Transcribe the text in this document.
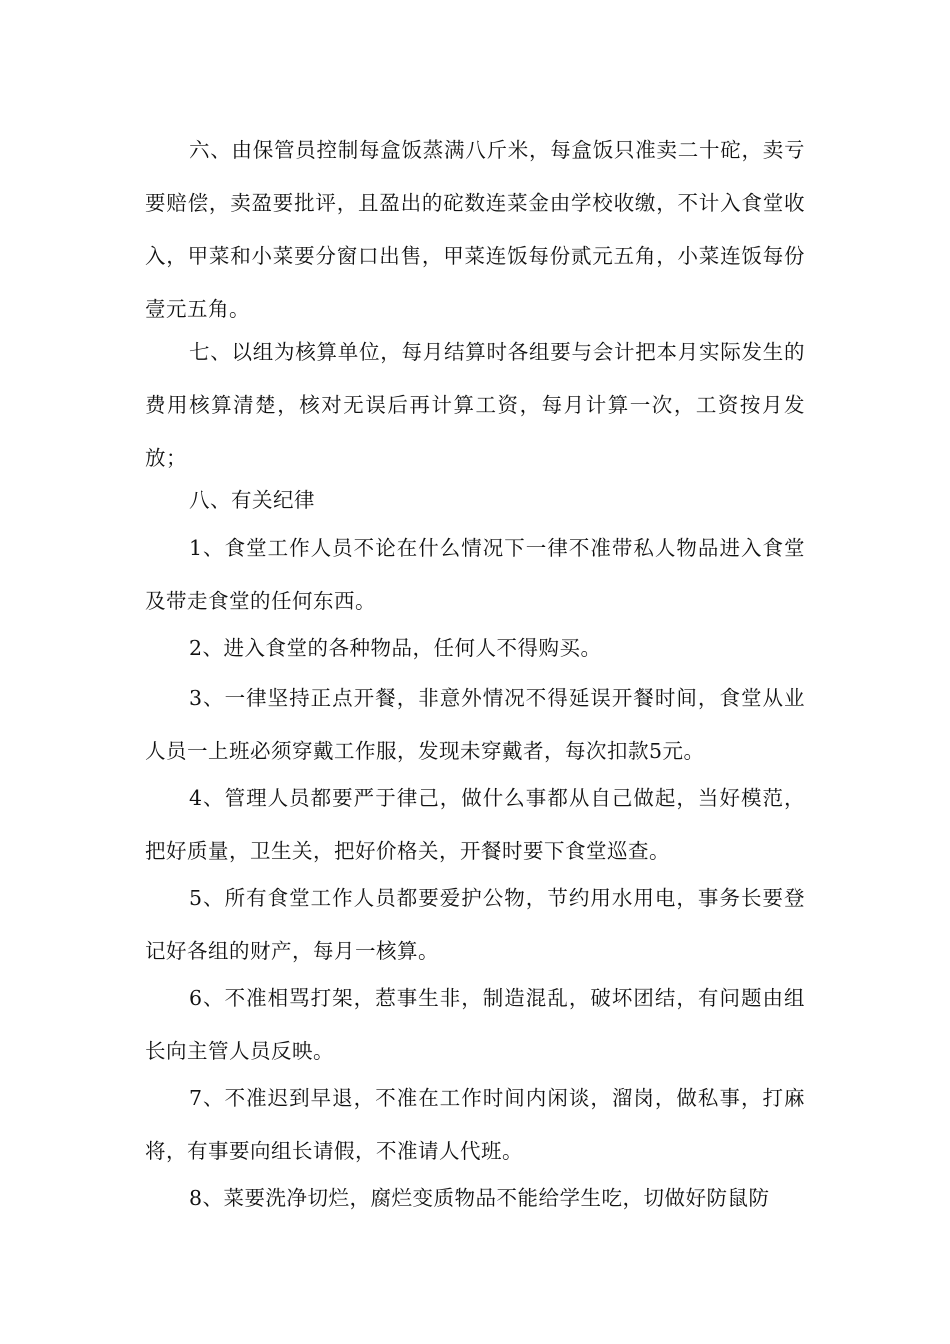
六、由保管员控制每盒饭蒸满八斤米，每盒饭只准卖二十砣，卖亏要赔偿，卖盈要批评，且盈出的砣数连菜金由学校收缴，不计入食堂收入，甲菜和小菜要分窗口出售，甲菜连饭每份贰元五角，小菜连饭每份壹元五角。

七、以组为核算单位，每月结算时各组要与会计把本月实际发生的费用核算清楚，核对无误后再计算工资，每月计算一次，工资按月发放；

八、有关纪律

1、食堂工作人员不论在什么情况下一律不准带私人物品进入食堂及带走食堂的任何东西。

2、进入食堂的各种物品，任何人不得购买。

3、一律坚持正点开餐，非意外情况不得延误开餐时间，食堂从业人员一上班必须穿戴工作服，发现未穿戴者，每次扣款5元。

4、管理人员都要严于律己，做什么事都从自己做起，当好模范，把好质量，卫生关，把好价格关，开餐时要下食堂巡查。

5、所有食堂工作人员都要爱护公物，节约用水用电，事务长要登记好各组的财产，每月一核算。

6、不准相骂打架，惹事生非，制造混乱，破坏团结，有问题由组长向主管人员反映。

7、不准迟到早退，不准在工作时间内闲谈，溜岗，做私事，打麻将，有事要向组长请假，不准请人代班。

8、菜要洗净切烂，腐烂变质物品不能给学生吃，切做好防鼠防
